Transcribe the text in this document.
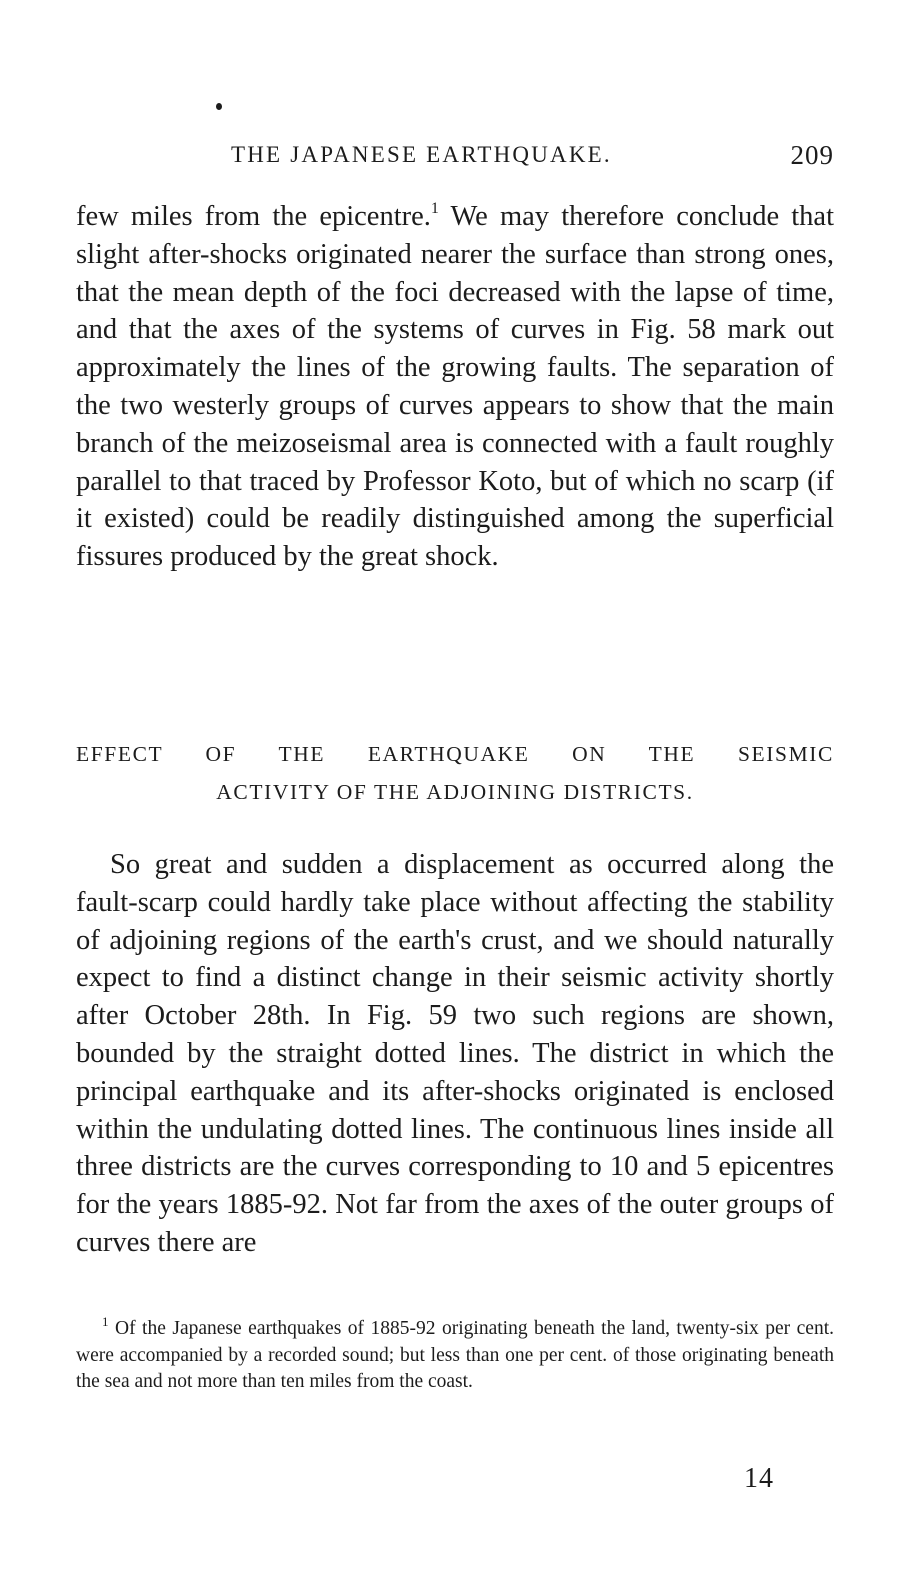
THE JAPANESE EARTHQUAKE.	209

few miles from the epicentre.$^1$ We may therefore conclude that slight after-shocks originated nearer the surface than strong ones, that the mean depth of the foci decreased with the lapse of time, and that the axes of the systems of curves in Fig. 58 mark out approximately the lines of the growing faults. The separation of the two westerly groups of curves appears to show that the main branch of the meizoseismal area is connected with a fault roughly parallel to that traced by Professor Koto, but of which no scarp (if it existed) could be readily distinguished among the superficial fissures produced by the great shock.

EFFECT OF THE EARTHQUAKE ON THE SEISMIC
ACTIVITY OF THE ADJOINING DISTRICTS.

So great and sudden a displacement as occurred along the fault-scarp could hardly take place without affecting the stability of adjoining regions of the earth's crust, and we should naturally expect to find a distinct change in their seismic activity shortly after October 28th. In Fig. 59 two such regions are shown, bounded by the straight dotted lines. The district in which the principal earthquake and its after-shocks originated is enclosed within the undulating dotted lines. The continuous lines inside all three districts are the curves corresponding to 10 and 5 epicentres for the years 1885-92. Not far from the axes of the outer groups of curves there are

$^1$ Of the Japanese earthquakes of 1885-92 originating beneath the land, twenty-six per cent. were accompanied by a recorded sound; but less than one per cent. of those originating beneath the sea and not more than ten miles from the coast.

14
